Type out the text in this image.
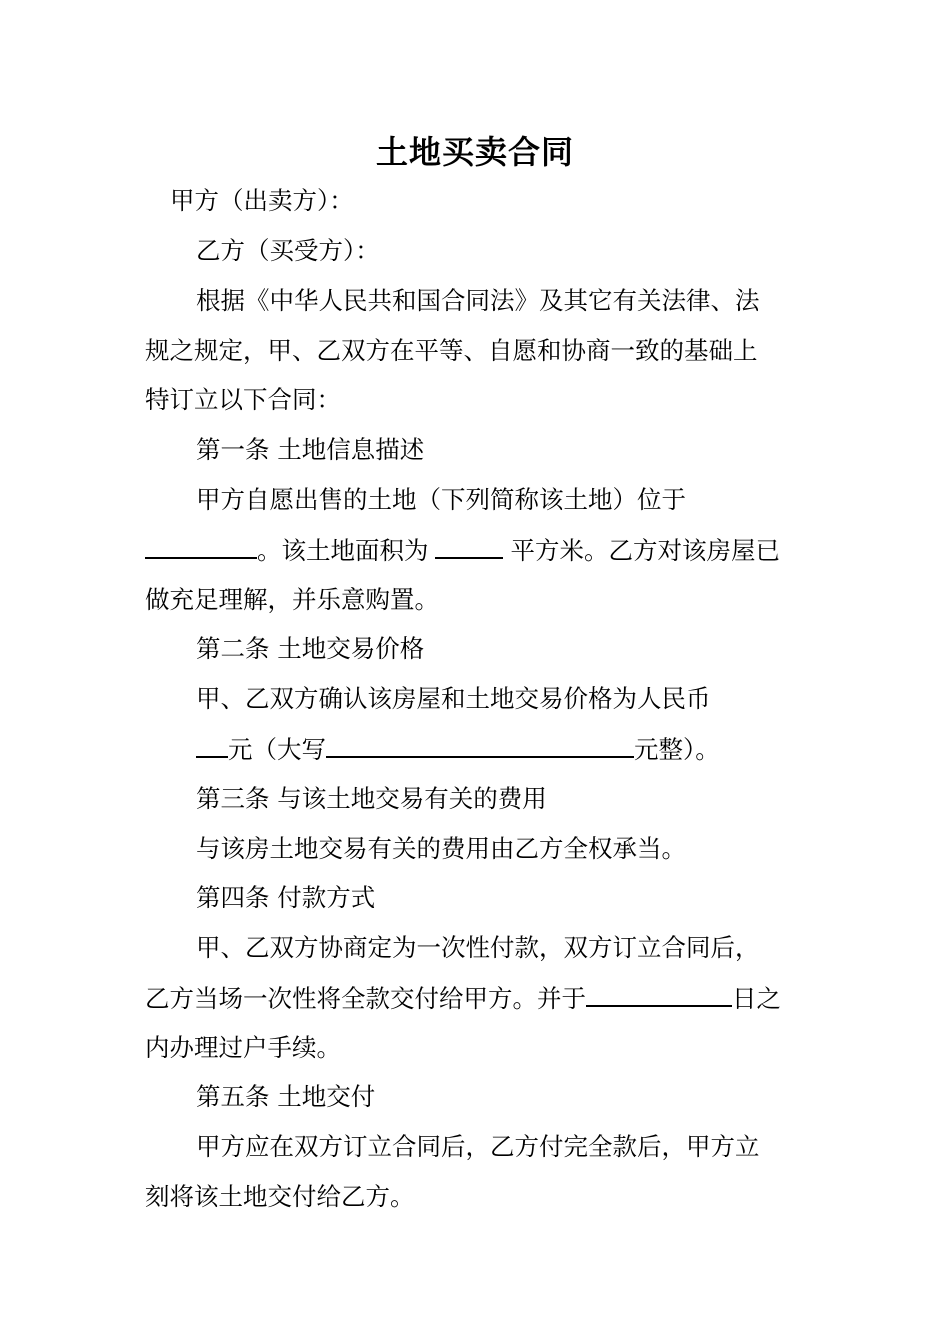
土地买卖合同
甲方（出卖方）：
乙方（买受方）：
根据《中华人民共和国合同法》及其它有关法律、法
规之规定，甲、乙双方在平等、自愿和协商一致的基础上
特订立以下合同：
第一条 土地信息描述
甲方自愿出售的土地（下列简称该土地）位于
。该土地面积为	平方米。乙方对该房屋已
做充足理解，并乐意购置。
第二条 土地交易价格
甲、乙双方确认该房屋和土地交易价格为人民币
元（大写	元整）。
第三条 与该土地交易有关的费用
与该房土地交易有关的费用由乙方全权承当。
第四条 付款方式
甲、乙双方协商定为一次性付款，双方订立合同后，
乙方当场一次性将全款交付给甲方。并于	日之
内办理过户手续。
第五条 土地交付
甲方应在双方订立合同后，乙方付完全款后，甲方立
刻将该土地交付给乙方。
